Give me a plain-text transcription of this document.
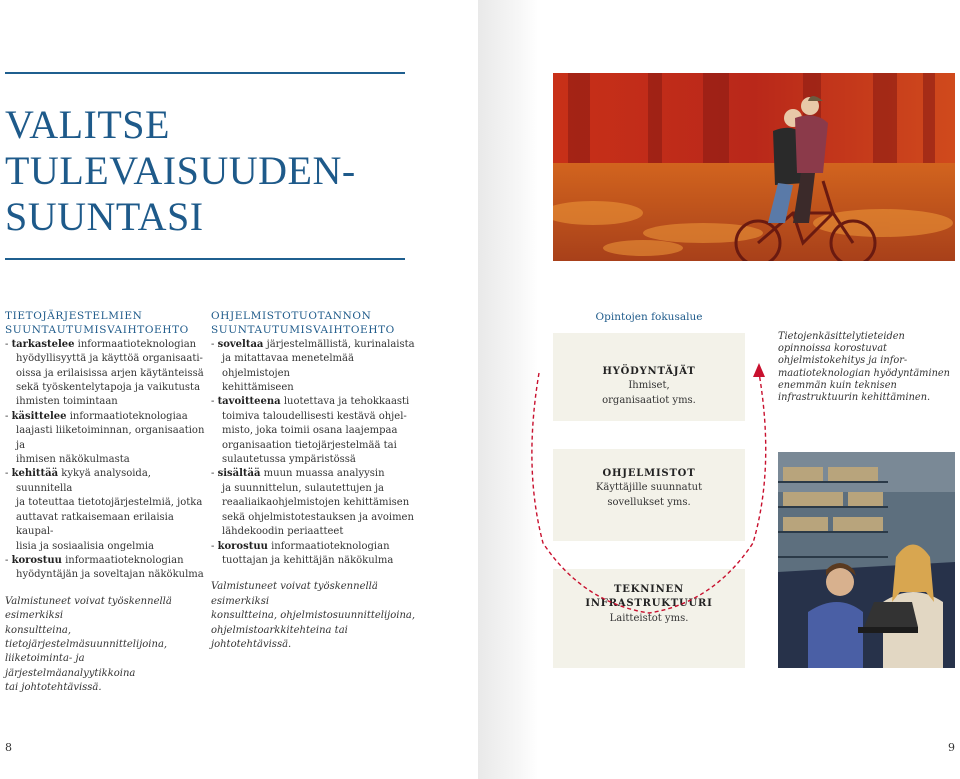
VALITSE
TULEVAISUUDEN-
SUUNTASI
TIETOJÄRJESTELMIEN
SUUNTAUTUMISVAIHTOEHTO
- tarkastelee informaatioteknologian
hyödyllisyyttä ja käyttöä organisaati-
oissa ja erilaisissa arjen käytänteissä
sekä työskentelytapoja ja vaikutusta
ihmisten toimintaan
- käsittelee informaatioteknologiaa
laajasti liiketoiminnan, organisaation ja
ihmisen näkökulmasta
- kehittää kykyä analysoida, suunnitella
ja toteuttaa tietotojärjestelmiä, jotka
auttavat ratkaisemaan erilaisia kaupal-
lisia ja sosiaalisia ongelmia
- korostuu informaatioteknologian
hyödyntäjän ja soveltajan näkökulma
Valmistuneet voivat työskennellä esimerkiksi
konsultteina, tietojärjestelmäsuunnittelijoina,
liiketoiminta- ja järjestelmäanalyytikkoina
tai johtotehtävissä.
OHJELMISTOTUOTANNON
SUUNTAUTUMISVAIHTOEHTO
- soveltaa järjestelmällistä, kurinalaista
ja mitattavaa menetelmää ohjelmistojen
kehittämiseen
- tavoitteena luotettava ja tehokkaasti
toimiva taloudellisesti kestävä ohjel-
misto, joka toimii osana laajempaa
organisaation tietojärjestelmää tai
sulautetussa ympäristössä
- sisältää muun muassa analyysin
ja suunnittelun, sulautettujen ja
reaaliaikaohjelmistojen kehittämisen
sekä ohjelmistotestauksen ja avoimen
lähdekoodin periaatteet
- korostuu informaatioteknologian
tuottajan ja kehittäjän näkökulma
Valmistuneet voivat työskennellä esimerkiksi
konsultteina, ohjelmistosuunnittelijoina,
ohjelmistoarkkitehteina tai johtotehtävissä.
8
Opintojen fokusalue
HYÖDYNTÄJÄT
Ihmiset,
organisaatiot yms.
OHJELMISTOT
Käyttäjille suunnatut
sovellukset yms.
TEKNINEN
INFRASTRUKTUURI
Laitteistot yms.
Tietojenkäsittelytieteiden opinnoissa korostuvat ohjelmistokehitys ja infor-maatioteknologian hyödyntäminen enemmän kuin teknisen infrastruktuurin kehittäminen.
9
